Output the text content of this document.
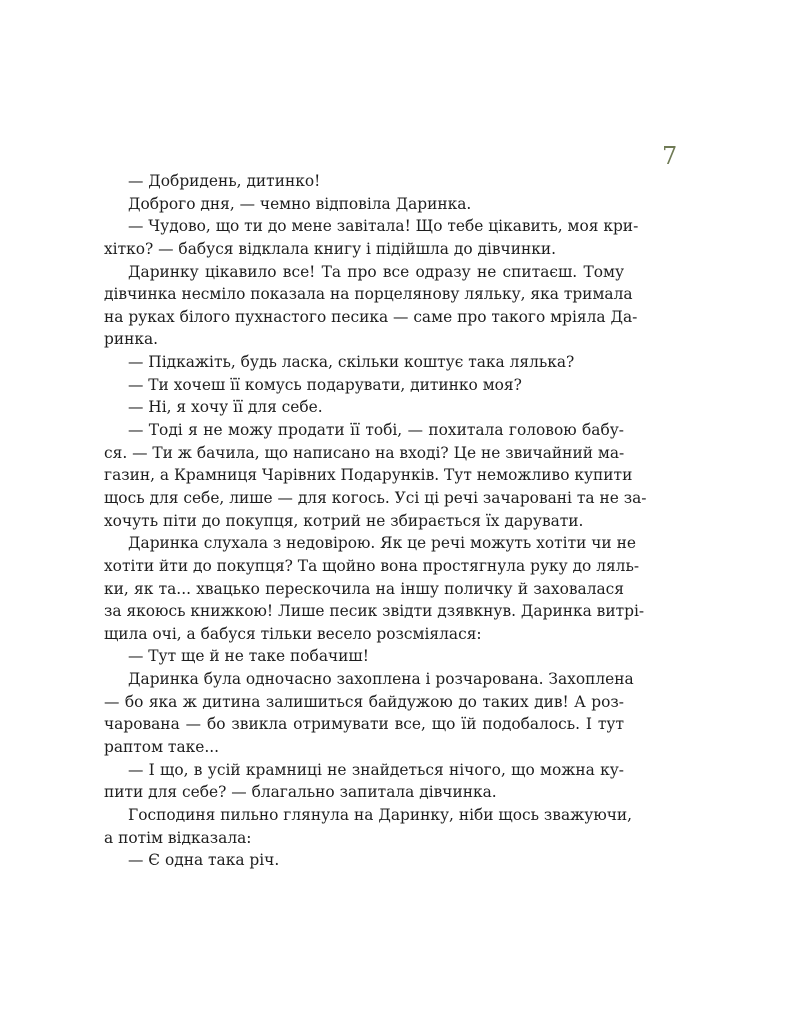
7
— Добридень, дитинко!
Доброго дня, — чемно відповіла Даринка.
— Чудово, що ти до мене завітала! Що тебе цікавить, моя кри-
хітко? — бабуся відклала книгу і підійшла до дівчинки.
Даринку цікавило все! Та про все одразу не спитаєш. Тому
дівчинка несміло показала на порцелянову ляльку, яка тримала
на руках білого пухнастого песика — саме про такого мріяла Да-
ринка.
— Підкажіть, будь ласка, скільки коштує така лялька?
— Ти хочеш її комусь подарувати, дитинко моя?
— Ні, я хочу її для себе.
— Тоді я не можу продати її тобі, — похитала головою бабу-
ся. — Ти ж бачила, що написано на вході? Це не звичайний ма-
газин, а Крамниця Чарівних Подарунків. Тут неможливо купити
щось для себе, лише — для когось. Усі ці речі зачаровані та не за-
хочуть піти до покупця, котрий не збирається їх дарувати.
Даринка слухала з недовірою. Як це речі можуть хотіти чи не
хотіти йти до покупця? Та щойно вона простягнула руку до ляль-
ки, як та... хвацько перескочила на іншу поличку й заховалася
за якоюсь книжкою! Лише песик звідти дзявкнув. Даринка витрі-
щила очі, а бабуся тільки весело розсміялася:
— Тут ще й не таке побачиш!
Даринка була одночасно захоплена і розчарована. Захоплена
— бо яка ж дитина залишиться байдужою до таких див! А роз-
чарована — бо звикла отримувати все, що їй подобалось. І тут
раптом таке...
— І що, в усій крамниці не знайдеться нічого, що можна ку-
пити для себе? — благально запитала дівчинка.
Господиня пильно глянула на Даринку, ніби щось зважуючи,
а потім відказала:
— Є одна така річ.
